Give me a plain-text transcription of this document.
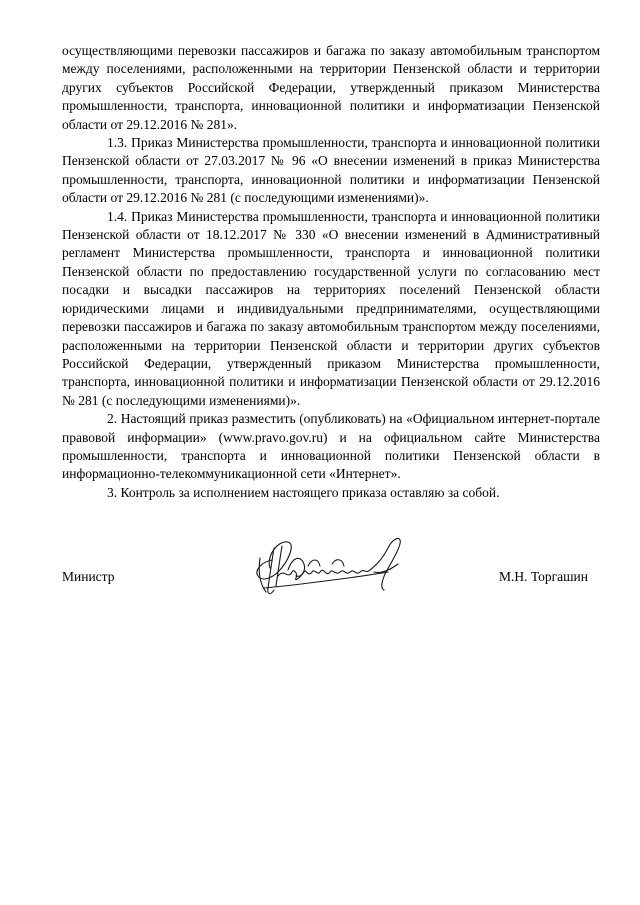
осуществляющими перевозки пассажиров и багажа по заказу автомобильным транспортом между поселениями, расположенными на территории Пензенской области и территории других субъектов Российской Федерации, утвержденный приказом Министерства промышленности, транспорта, инновационной политики и информатизации Пензенской области от 29.12.2016 № 281».

1.3. Приказ Министерства промышленности, транспорта и инновационной политики Пензенской области от 27.03.2017 № 96 «О внесении изменений в приказ Министерства промышленности, транспорта, инновационной политики и информатизации Пензенской области от 29.12.2016 № 281 (с последующими изменениями)».

1.4. Приказ Министерства промышленности, транспорта и инновационной политики Пензенской области от 18.12.2017 № 330 «О внесении изменений в Административный регламент Министерства промышленности, транспорта и инновационной политики Пензенской области по предоставлению государственной услуги по согласованию мест посадки и высадки пассажиров на территориях поселений Пензенской области юридическими лицами и индивидуальными предпринимателями, осуществляющими перевозки пассажиров и багажа по заказу автомобильным транспортом между поселениями, расположенными на территории Пензенской области и территории других субъектов Российской Федерации, утвержденный приказом Министерства промышленности, транспорта, инновационной политики и информатизации Пензенской области от 29.12.2016 № 281 (с последующими изменениями)».

2. Настоящий приказ разместить (опубликовать) на «Официальном интернет-портале правовой информации» (www.pravo.gov.ru) и на официальном сайте Министерства промышленности, транспорта и инновационной политики Пензенской области в информационно-телекоммуникационной сети «Интернет».

3. Контроль за исполнением настоящего приказа оставляю за собой.

Министр	М.Н. Торгашин
